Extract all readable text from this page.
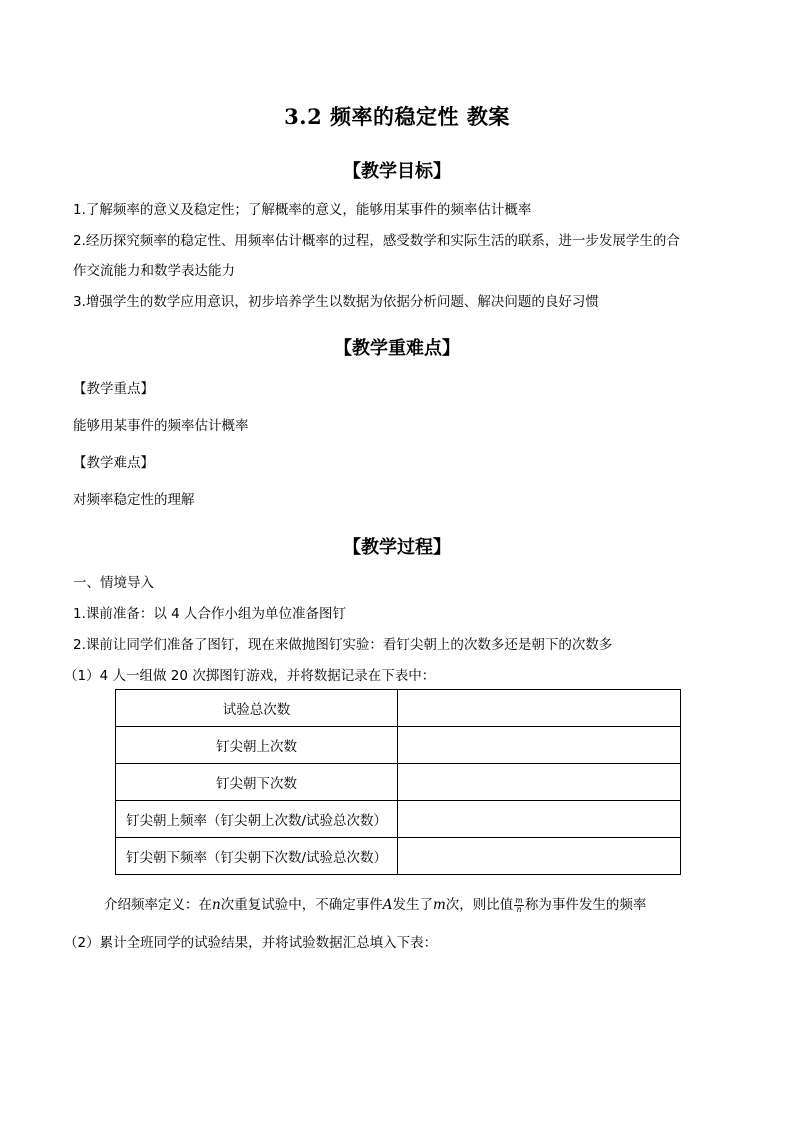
3.2 频率的稳定性 教案
【教学目标】
1.了解频率的意义及稳定性；了解概率的意义，能够用某事件的频率估计概率
2.经历探究频率的稳定性、用频率估计概率的过程，感受数学和实际生活的联系，进一步发展学生的合
作交流能力和数学表达能力
3.增强学生的数学应用意识，初步培养学生以数据为依据分析问题、解决问题的良好习惯
【教学重难点】
【教学重点】
能够用某事件的频率估计概率
【教学难点】
对频率稳定性的理解
【教学过程】
一、情境导入
1.课前准备：以 4 人合作小组为单位准备图钉
2.课前让同学们准备了图钉，现在来做抛图钉实验：看钉尖朝上的次数多还是朝下的次数多
（1）4 人一组做 20 次掷图钉游戏，并将数据记录在下表中：
试验总次数	
钉尖朝上次数	
钉尖朝下次数	
钉尖朝上频率（钉尖朝上次数/试验总次数）	
钉尖朝下频率（钉尖朝下次数/试验总次数）	
介绍频率定义：在n次重复试验中，不确定事件A发生了m次，则比值 $\frac{m}{n}$ 称为事件发生的频率
（2）累计全班同学的试验结果，并将试验数据汇总填入下表：
